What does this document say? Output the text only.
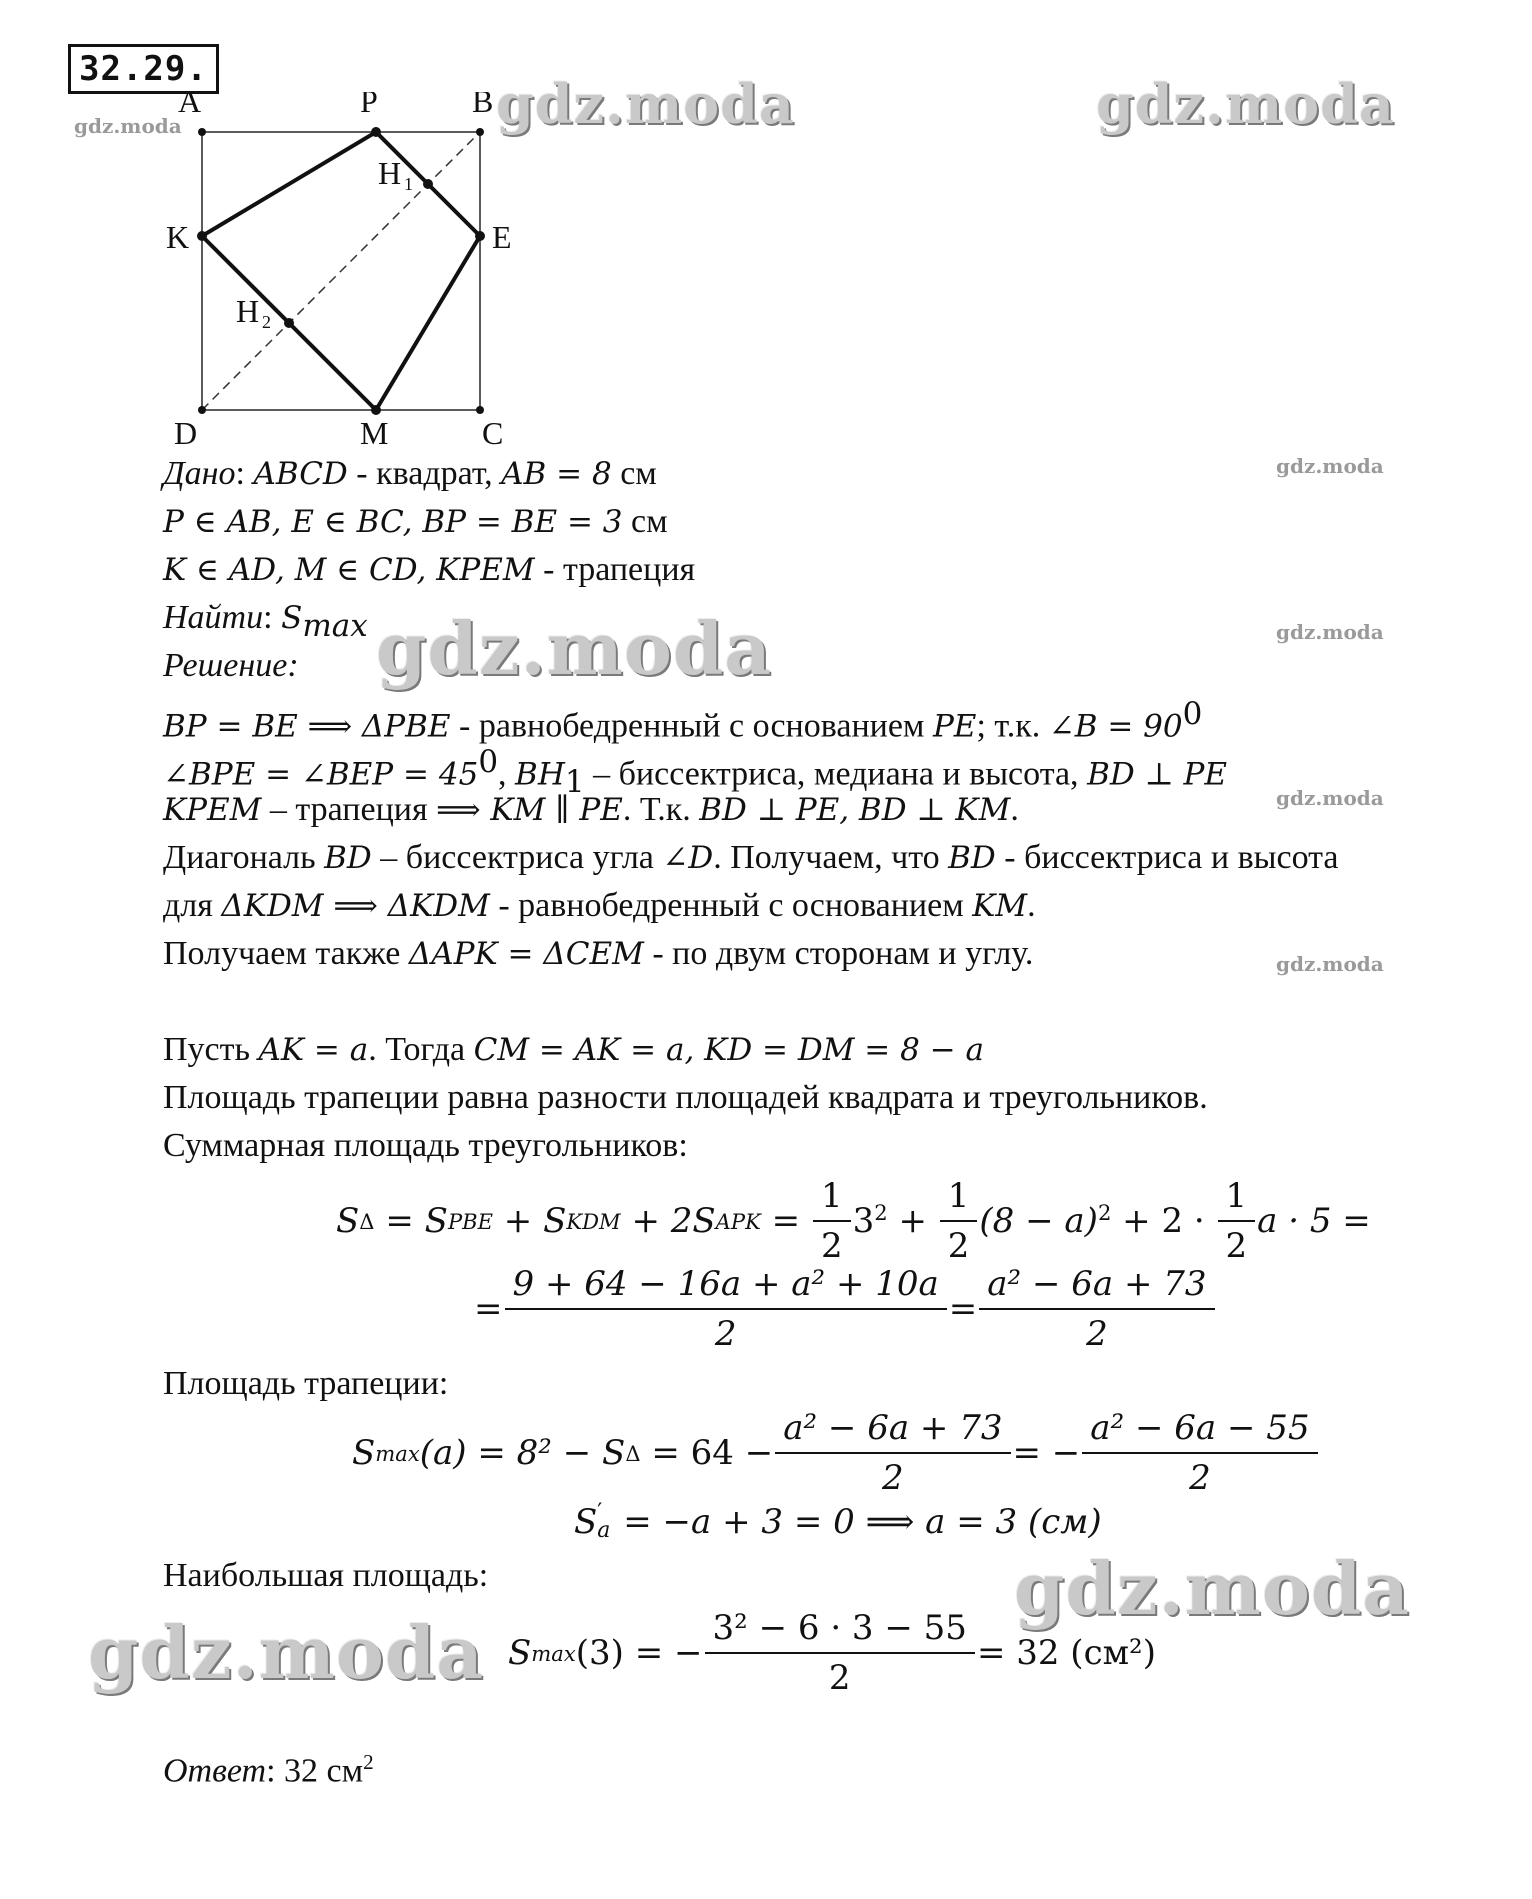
32.29.
A	P	B
K	E
D	M	C
H 1
H 2
Дано: ABCD - квадрат, AB = 8 см
P ∈ AB, E ∈ BC, BP = BE = 3 см
K ∈ AD, M ∈ CD, KPEM - трапеция
Найти: $S_{max}$
Решение:
BP = BE ⟹ ΔPBE - равнобедренный с основанием PE; т.к. ∠B = $90^0$
∠BPE = ∠BEP = $45^0$, $BH_1$ – биссектриса, медиана и высота, BD ⊥ PE
KPEM – трапеция ⟹ KM ∥ PE. Т.к. BD ⊥ PE, BD ⊥ KM.
Диагональ BD – биссектриса угла ∠D. Получаем, что BD - биссектриса и высота
для ΔKDM ⟹ ΔKDM - равнобедренный с основанием KM.
Получаем также ΔAPK = ΔCEM - по двум сторонам и углу.
Пусть AK = a. Тогда CM = AK = a, KD = DM = 8 − a
Площадь трапеции равна разности площадей квадрата и треугольников.
Суммарная площадь треугольников:
S Δ = S PBE + S KDM + 2S APK = $\frac{1}{2} 3^2 + \frac{1}{2} (8 - a)^2 + 2 \cdot \frac{1}{2}$ a · 5 =
= $\frac{\text{9 + 64 − 16a + a² + 10a}}{2} = \frac{\text{a² − 6a + 73}}{2}$
Площадь трапеции:
S max (a) = 8² − S $\Delta = 64 - \frac{\text{a² − 6a + 73}}{2}$ = − $\frac{\text{a² − 6a − 55}}{2}$
S ′
a = −a + 3 = 0 ⟹ a = 3 (см)
Наибольшая площадь:
S max (3) = − $\frac{\text{3² − 6 · 3 − 55}}{2} = 32$ (см²)
Ответ: 32 $см^2$
gdz.moda	gdz.moda
gdz.moda
gdz.moda
gdz.moda	gdz.moda
gdz.moda
gdz.moda
gdz.moda
gdz.moda
